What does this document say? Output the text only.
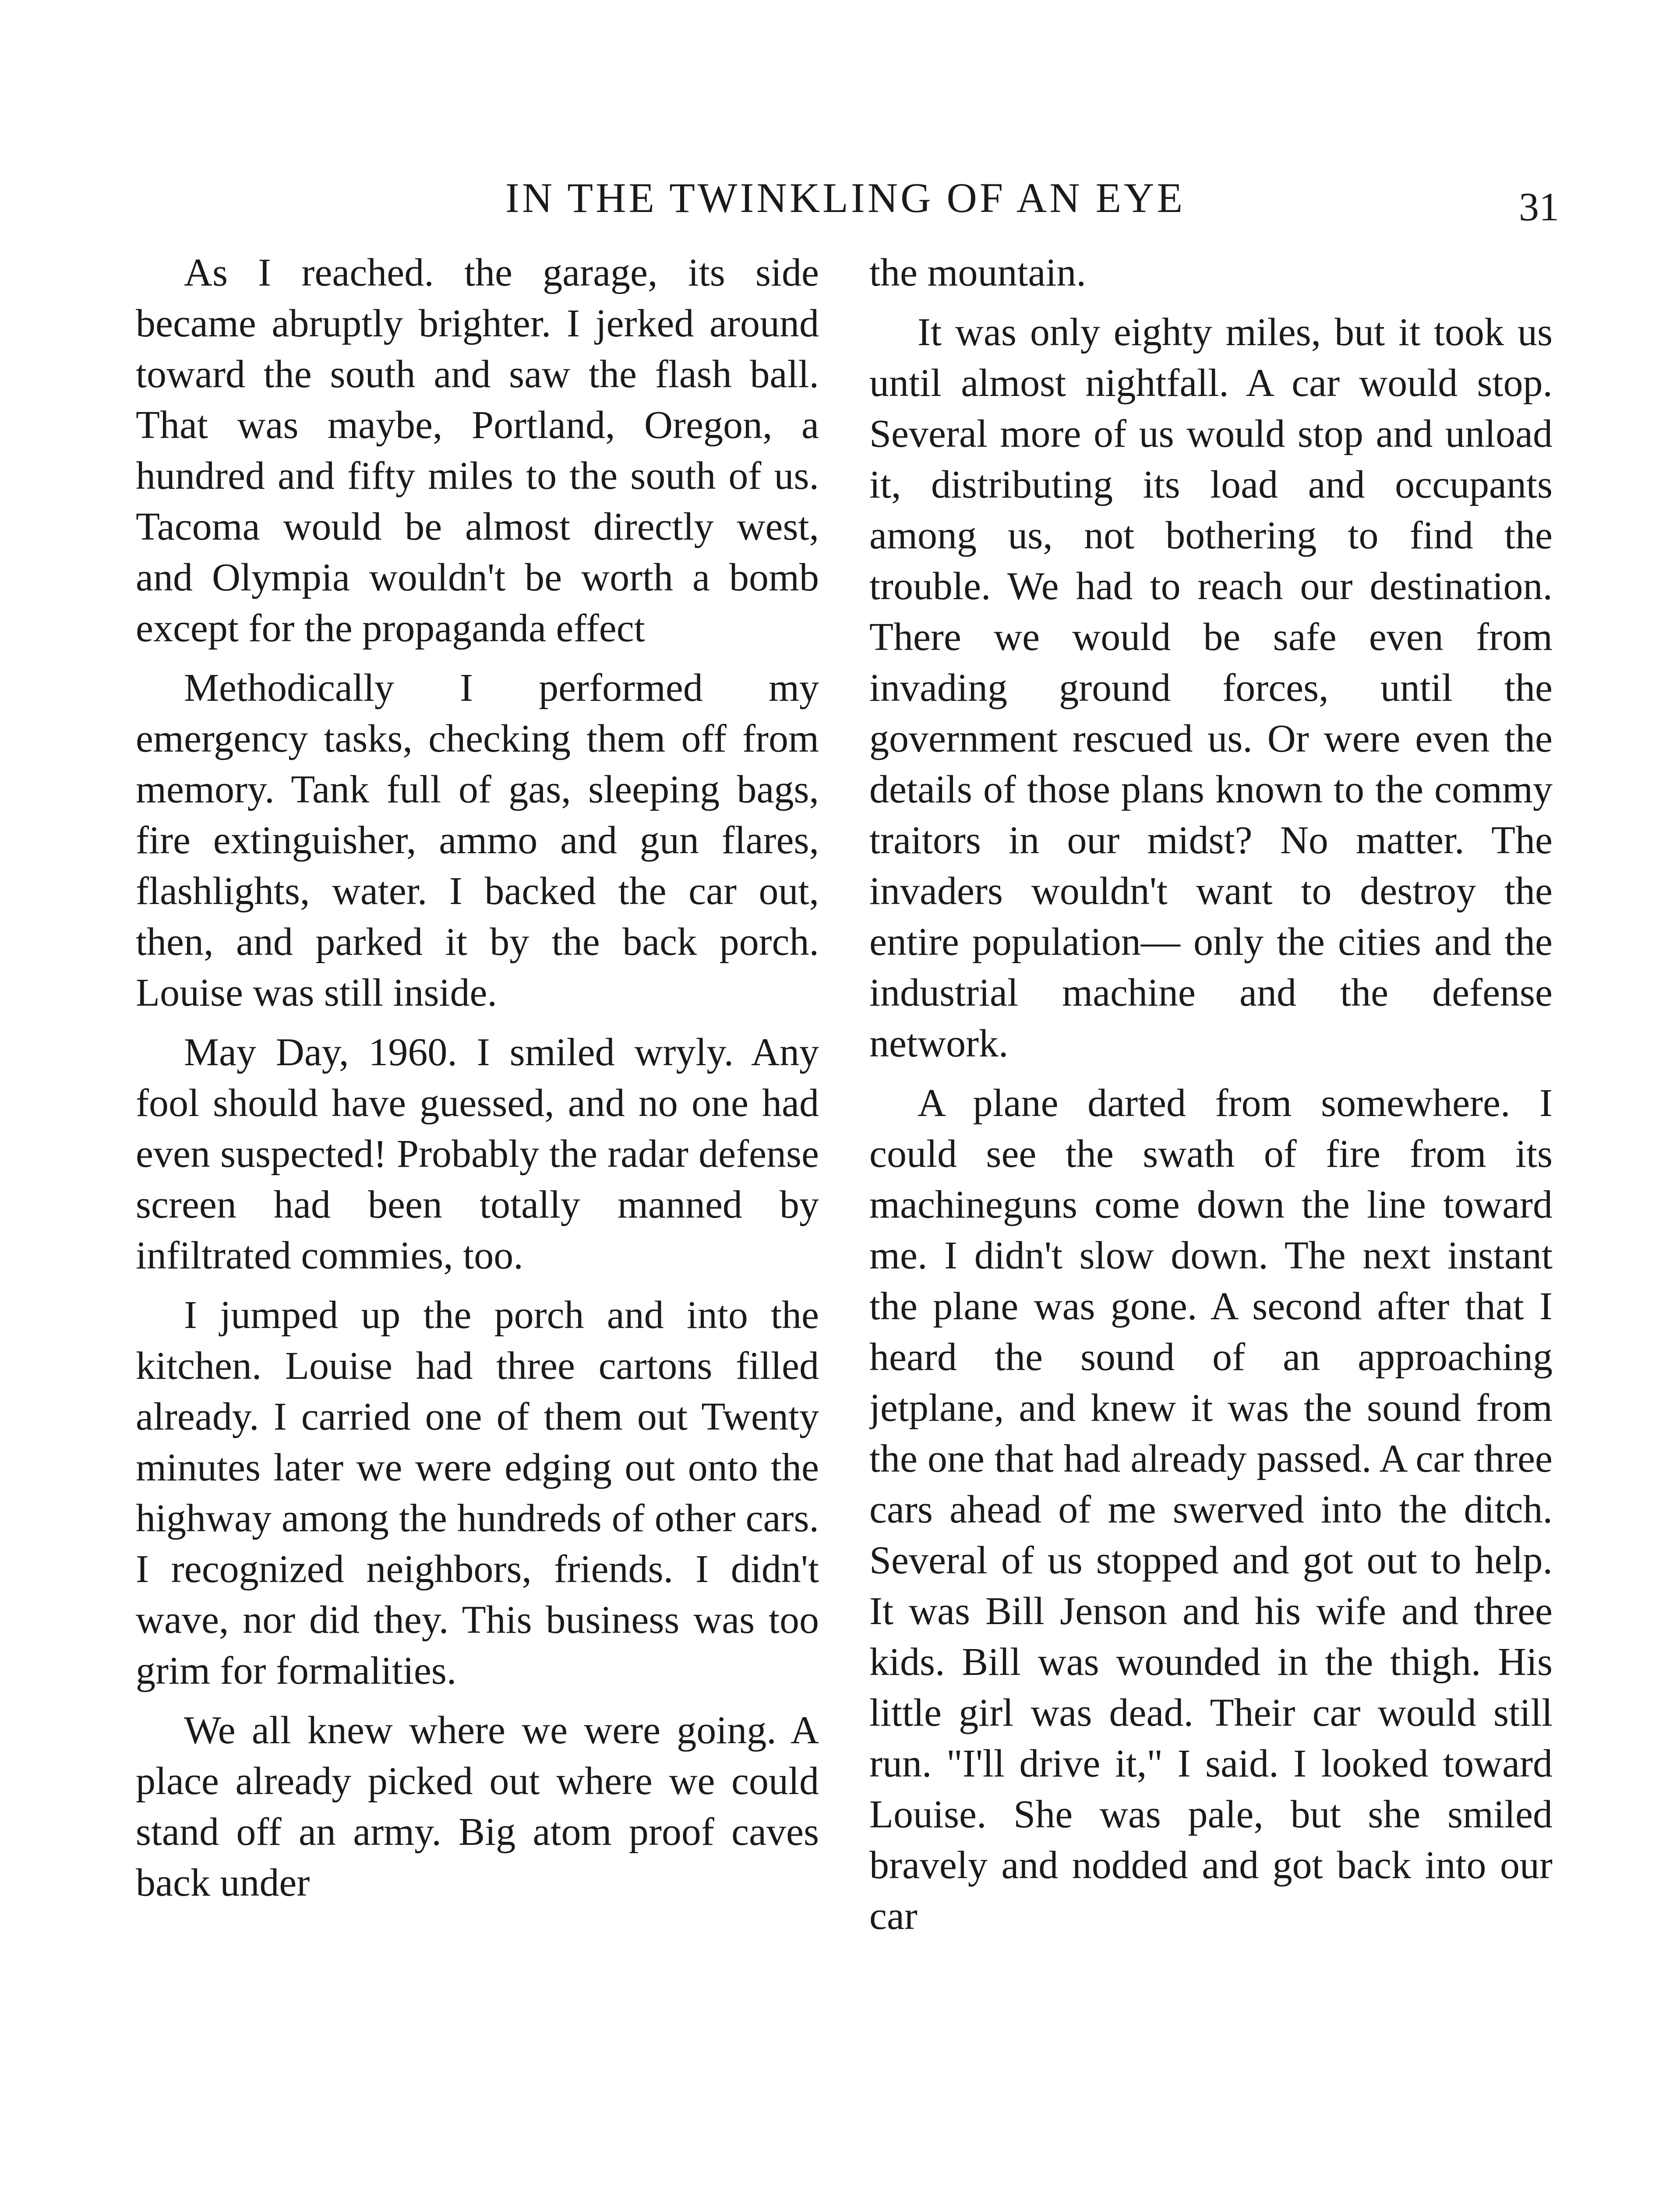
IN THE TWINKLING OF AN EYE	31

As I reached. the garage, its side became abruptly brighter. I jerked around toward the south and saw the flash ball. That was maybe, Portland, Oregon, a hundred and fifty miles to the south of us. Tacoma would be almost directly west, and Olympia wouldn't be worth a bomb except for the propaganda effect

Methodically I performed my emergency tasks, checking them off from memory. Tank full of gas, sleeping bags, fire extinguisher, ammo and gun flares, flashlights, water. I backed the car out, then, and parked it by the back porch. Louise was still inside.

May Day, 1960. I smiled wryly. Any fool should have guessed, and no one had even suspected! Probably the radar defense screen had been totally manned by infiltrated commies, too.

I jumped up the porch and into the kitchen. Louise had three cartons filled already. I carried one of them out Twenty minutes later we were edging out onto the highway among the hundreds of other cars. I recognized neighbors, friends. I didn't wave, nor did they. This business was too grim for formalities.

We all knew where we were going. A place already picked out where we could stand off an army. Big atom proof caves back under

the mountain.

It was only eighty miles, but it took us until almost nightfall. A car would stop. Several more of us would stop and unload it, distributing its load and occupants among us, not bothering to find the trouble. We had to reach our destination. There we would be safe even from invading ground forces, until the government rescued us. Or were even the details of those plans known to the commy traitors in our midst? No matter. The invaders wouldn't want to destroy the entire population— only the cities and the industrial machine and the defense network.

A plane darted from somewhere. I could see the swath of fire from its machineguns come down the line toward me. I didn't slow down. The next instant the plane was gone. A second after that I heard the sound of an approaching jetplane, and knew it was the sound from the one that had already passed. A car three cars ahead of me swerved into the ditch. Several of us stopped and got out to help. It was Bill Jenson and his wife and three kids. Bill was wounded in the thigh. His little girl was dead. Their car would still run. "I'll drive it," I said. I looked toward Louise. She was pale, but she smiled bravely and nodded and got back into our car
